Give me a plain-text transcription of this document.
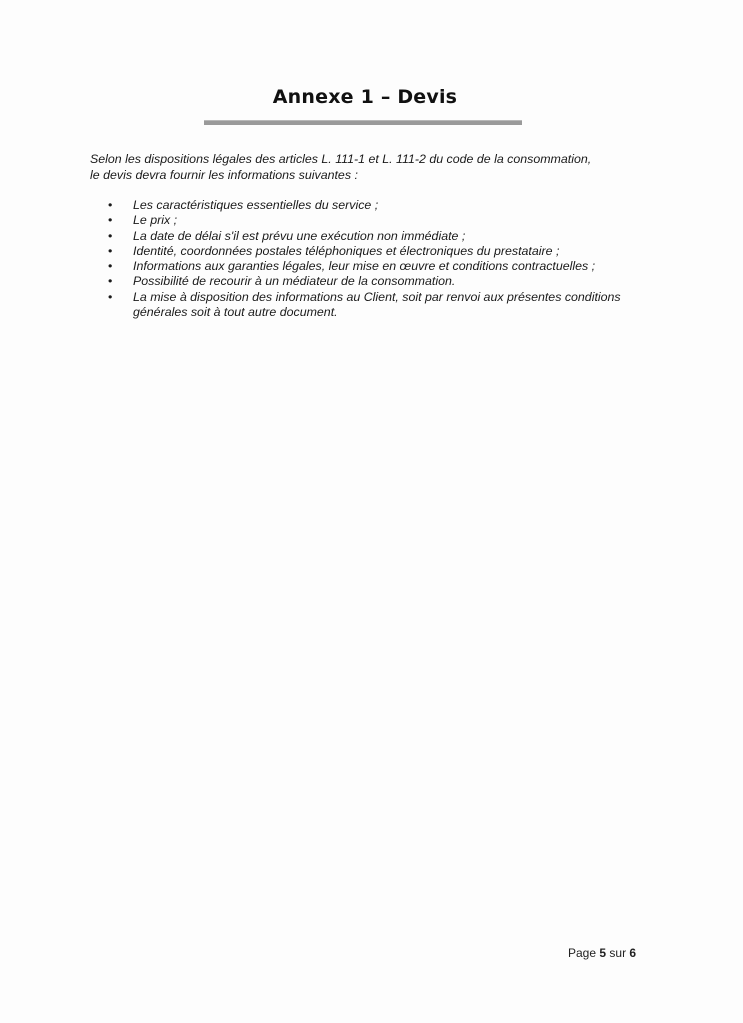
Annexe 1 – Devis

Selon les dispositions légales des articles L. 111-1 et L. 111-2 du code de la consommation,
le devis devra fournir les informations suivantes :

• Les caractéristiques essentielles du service ;
• Le prix ;
• La date de délai s'il est prévu une exécution non immédiate ;
• Identité, coordonnées postales téléphoniques et électroniques du prestataire ;
• Informations aux garanties légales, leur mise en œuvre et conditions contractuelles ;
• Possibilité de recourir à un médiateur de la consommation.
• La mise à disposition des informations au Client, soit par renvoi aux présentes conditions générales soit à tout autre document.
Page 5 sur 6
